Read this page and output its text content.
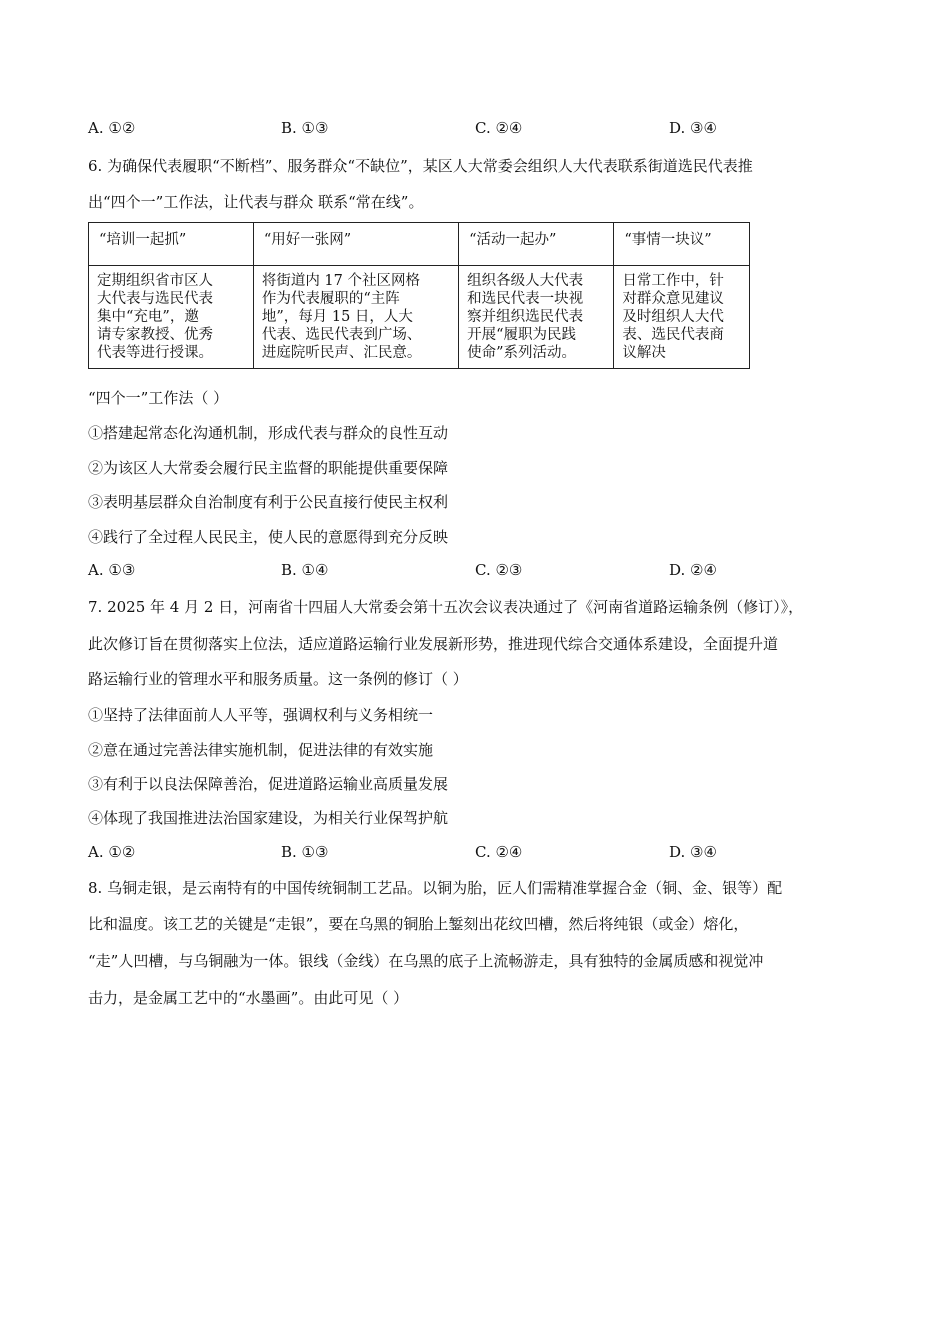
A. ①②	B. ①③	C. ②④	D. ③④
6. 为确保代表履职“不断档”、服务群众“不缺位”，某区人大常委会组织人大代表联系街道选民代表推
出“四个一”工作法，让代表与群众 联系“常在线”。
“培训一起抓”	“用好一张网”	“活动一起办”	“事情一块议”
定期组织省市区人
大代表与选民代表
集中“充电”，邀
请专家教授、优秀
代表等进行授课。	将街道内 17 个社区网格
作为代表履职的“主阵
地”，每月 15 日，人大
代表、选民代表到广场、
进庭院听民声、汇民意。	组织各级人大代表
和选民代表一块视
察并组织选民代表
开展“履职为民践
使命”系列活动。	日常工作中，针
对群众意见建议
及时组织人大代
表、选民代表商
议解决
“四个一”工作法（ ）
①搭建起常态化沟通机制，形成代表与群众的良性互动
②为该区人大常委会履行民主监督的职能提供重要保障
③表明基层群众自治制度有利于公民直接行使民主权利
④践行了全过程人民民主，使人民的意愿得到充分反映
A. ①③	B. ①④	C. ②③	D. ②④
7. 2025 年 4 月 2 日，河南省十四届人大常委会第十五次会议表决通过了《河南省道路运输条例（修订）》，
此次修订旨在贯彻落实上位法，适应道路运输行业发展新形势，推进现代综合交通体系建设，全面提升道
路运输行业的管理水平和服务质量。这一条例的修订（ ）
①坚持了法律面前人人平等，强调权利与义务相统一
②意在通过完善法律实施机制，促进法律的有效实施
③有利于以良法保障善治，促进道路运输业高质量发展
④体现了我国推进法治国家建设，为相关行业保驾护航
A. ①②	B. ①③	C. ②④	D. ③④
8. 乌铜走银，是云南特有的中国传统铜制工艺品。以铜为胎，匠人们需精准掌握合金（铜、金、银等）配
比和温度。该工艺的关键是“走银”，要在乌黑的铜胎上錾刻出花纹凹槽，然后将纯银（或金）熔化，
“走”人凹槽，与乌铜融为一体。银线（金线）在乌黑的底子上流畅游走，具有独特的金属质感和视觉冲
击力，是金属工艺中的“水墨画”。由此可见（ ）
